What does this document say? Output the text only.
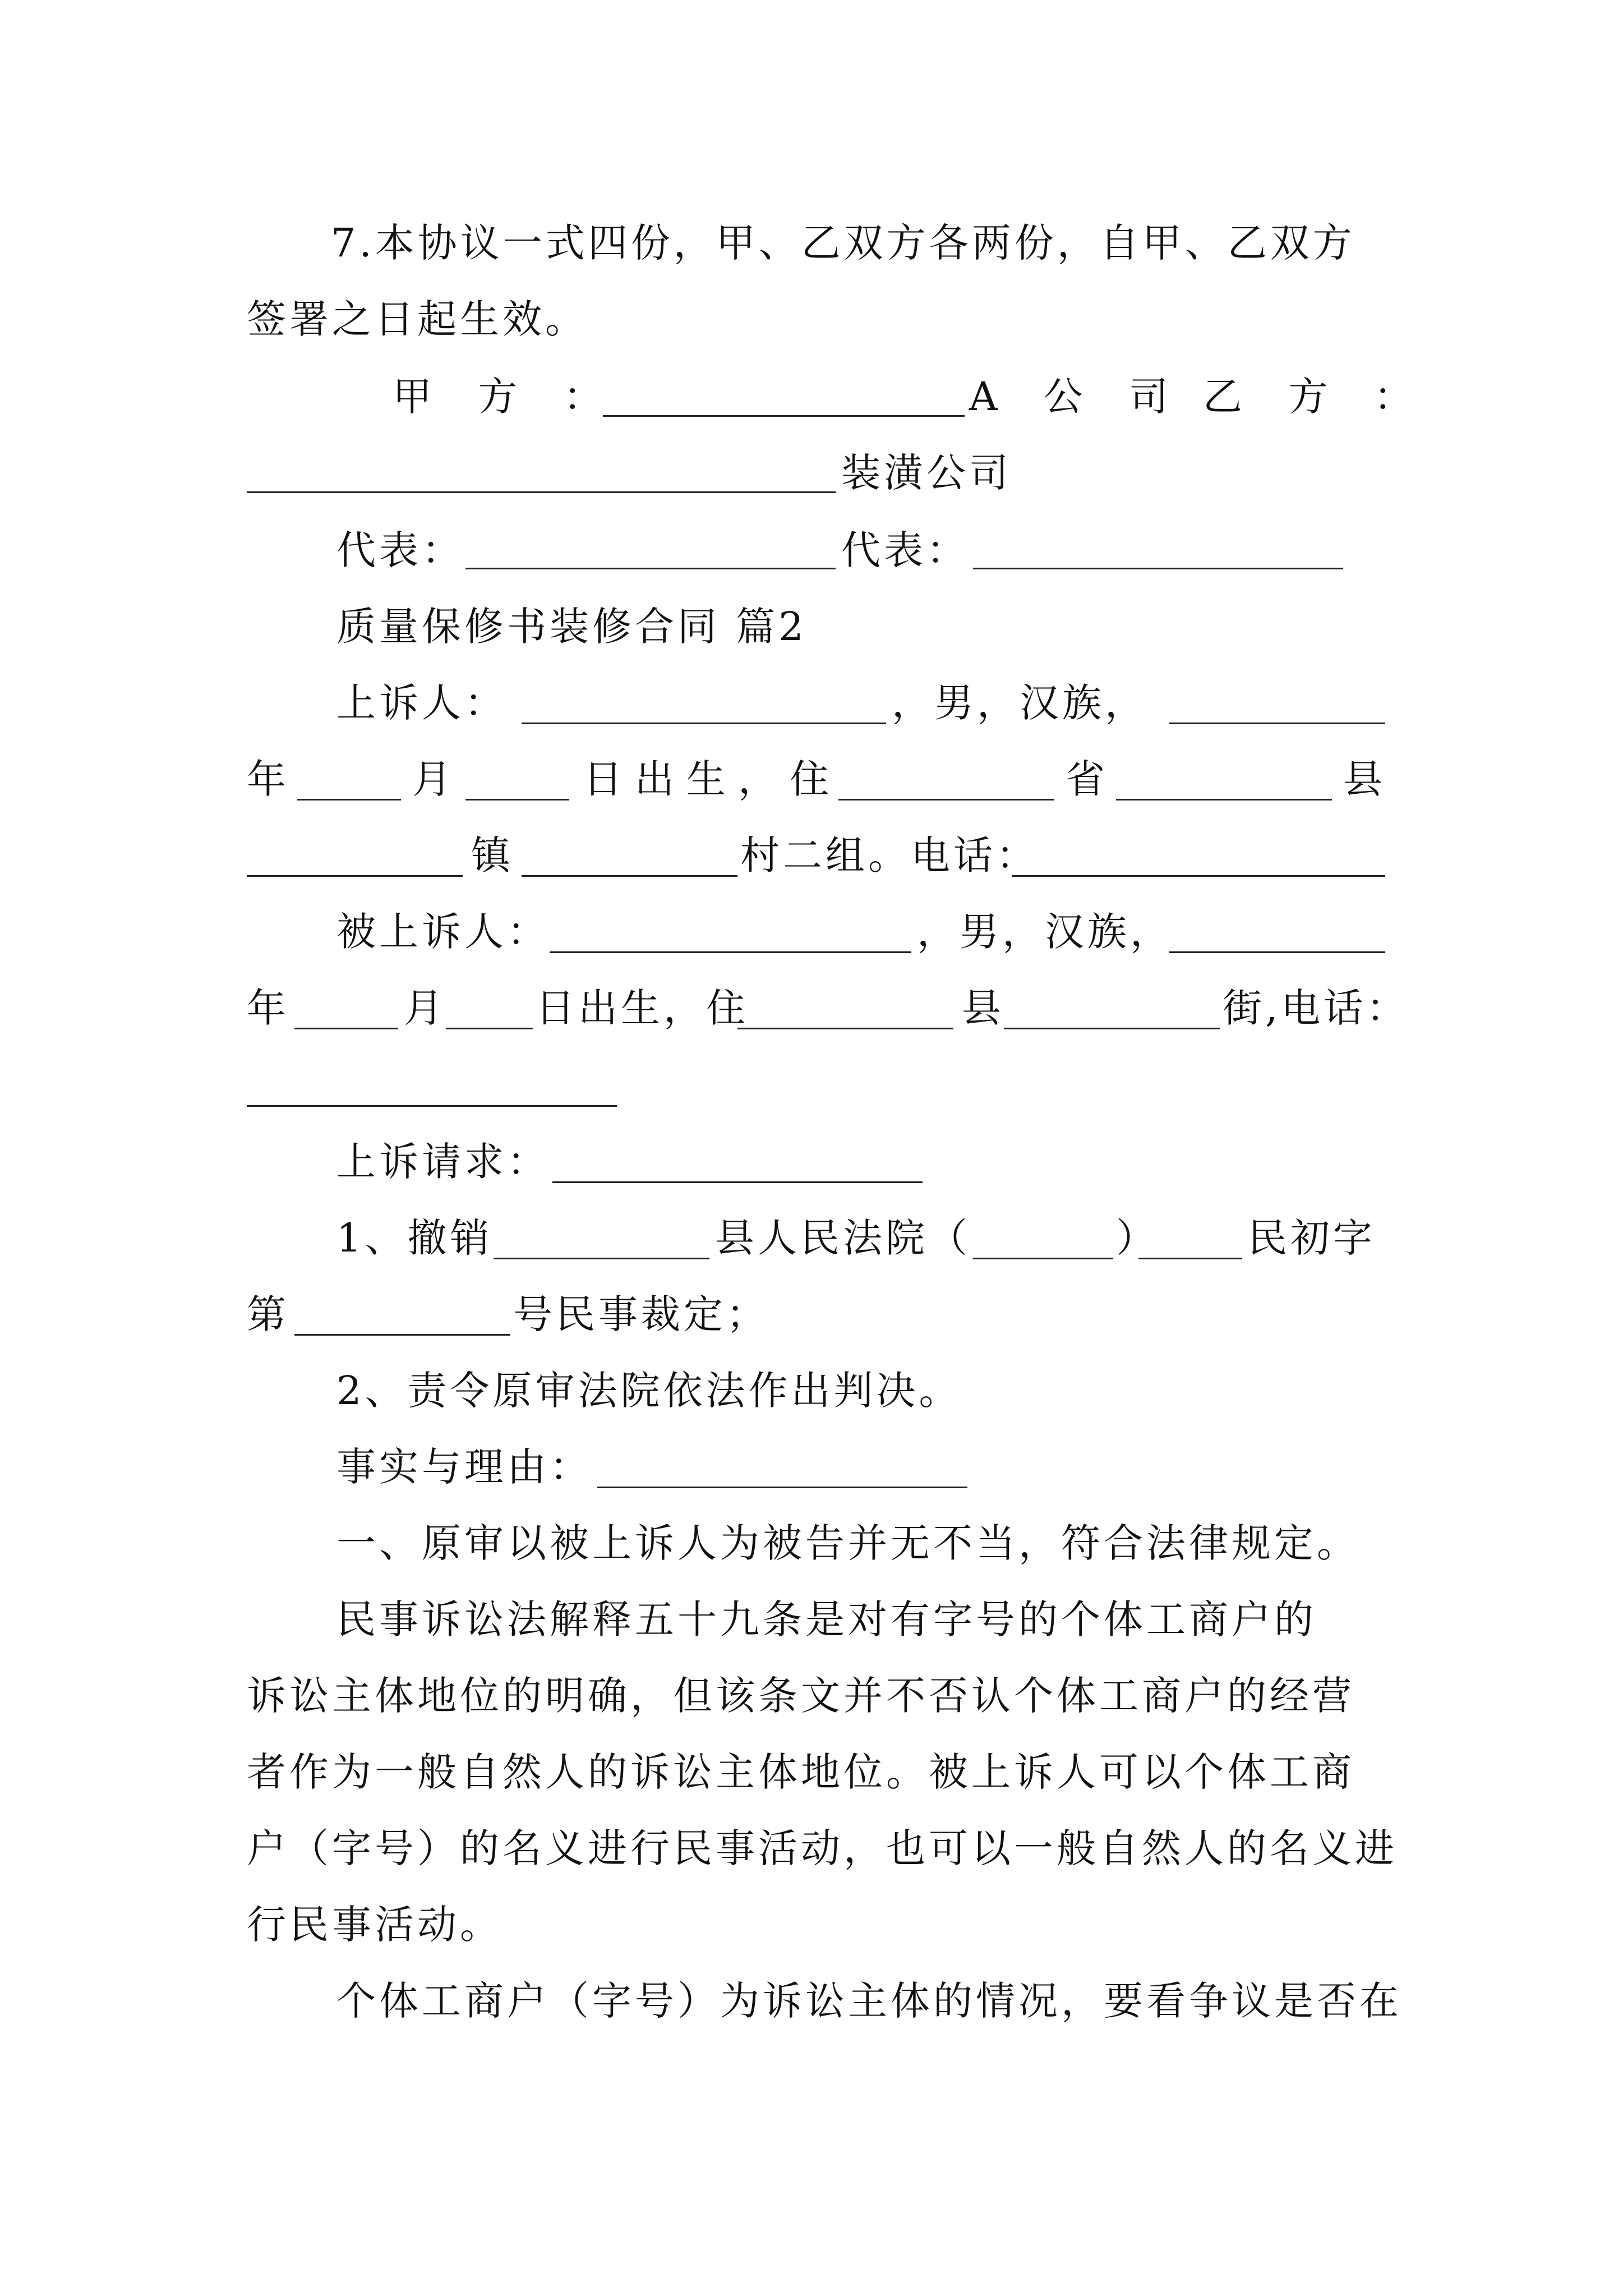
7.本协议一式四份，甲、乙双方各两份，自甲、乙双方
签署之日起生效。
甲 方 ：	A 公 司 乙 方 ：
装潢公司
代表：	代表：
质量保修书装修合同 篇2
上诉人：	，男，汉族，
年	月	日出生，住	省	县
镇	村二组。电话：
被上诉人：	，男，汉族，
年	月 日出生，住	县	街,电话：
上诉请求：
1、撤销	县人民法院（	） 民初字
第	号民事裁定；
2、责令原审法院依法作出判决。
事实与理由：
一、原审以被上诉人为被告并无不当，符合法律规定。
民事诉讼法解释五十九条是对有字号的个体工商户的
诉讼主体地位的明确，但该条文并不否认个体工商户的经营
者作为一般自然人的诉讼主体地位。被上诉人可以个体工商
户（字号）的名义进行民事活动，也可以一般自然人的名义进
行民事活动。
个体工商户（字号）为诉讼主体的情况，要看争议是否在
